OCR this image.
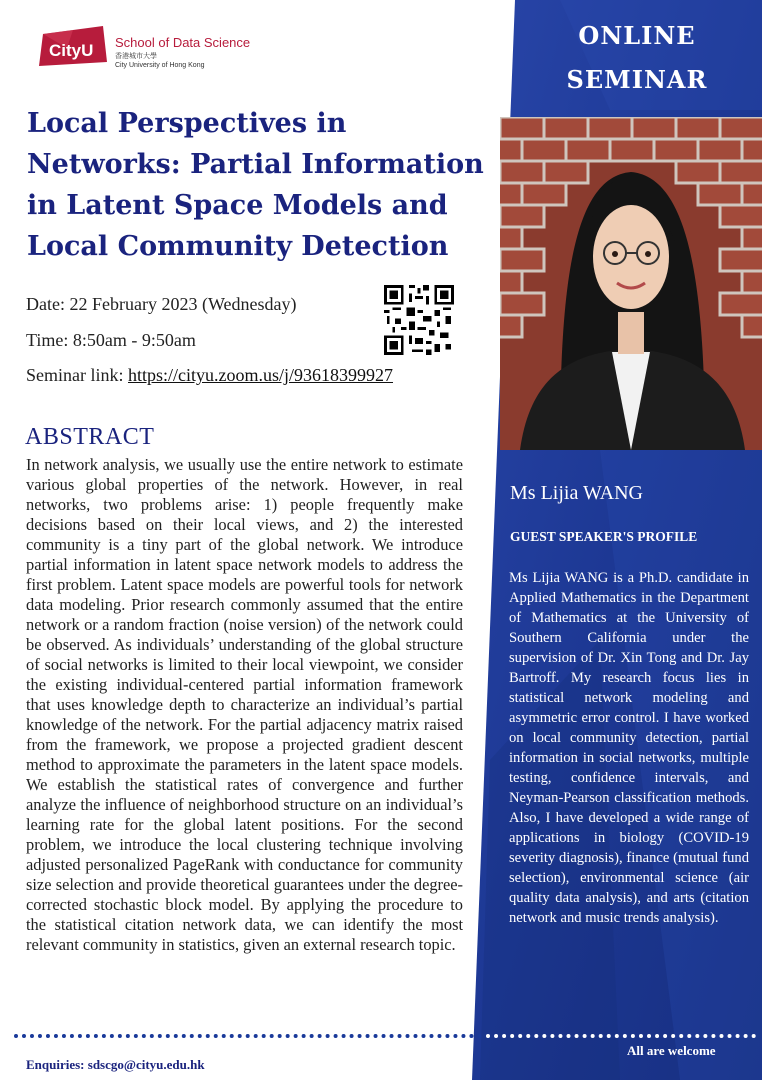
CityU School of Data Science
香港城市大學
City University of Hong Kong
ONLINE
SEMINAR
Local Perspectives in Networks: Partial Information in Latent Space Models and Local Community Detection
Date: 22 February 2023 (Wednesday)
Time: 8:50am - 9:50am
Seminar link: https://cityu.zoom.us/j/93618399927
ABSTRACT

In network analysis, we usually use the entire network to estimate various global properties of the network. However, in real networks, two problems arise: 1) people frequently make decisions based on their local views, and 2) the interested community is a tiny part of the global network. We introduce partial information in latent space network models to address the first problem. Latent space models are powerful tools for network data modeling. Prior research commonly assumed that the entire network or a random fraction (noise version) of the network could be observed. As individuals’ understanding of the global structure of social networks is limited to their local viewpoint, we consider the existing individual-centered partial information framework that uses knowledge depth to characterize an individual’s partial knowledge of the network. For the partial adjacency matrix raised from the framework, we propose a projected gradient descent method to approximate the parameters in the latent space models. We establish the statistical rates of convergence and further analyze the influence of neighborhood structure on an individual’s learning rate for the global latent positions. For the second problem, we introduce the local clustering technique involving adjusted personalized PageRank with conductance for community size selection and provide theoretical guarantees under the degree-corrected stochastic block model. By applying the procedure to the statistical citation network data, we can identify the most relevant community in statistics, given an external research topic.

Ms Lijia WANG
GUEST SPEAKER'S PROFILE

Ms Lijia WANG is a Ph.D. candidate in Applied Mathematics in the Department of Mathematics at the University of Southern California under the supervision of Dr. Xin Tong and Dr. Jay Bartroff. My research focus lies in statistical network modeling and asymmetric error control. I have worked on local community detection, partial information in social networks, multiple testing, confidence intervals, and Neyman-Pearson classification methods. Also, I have developed a wide range of applications in biology (COVID-19 severity diagnosis), finance (mutual fund selection), environmental science (air quality data analysis), and arts (citation network and music trends analysis).

Enquiries: sdscgo@cityu.edu.hk
All are welcome
